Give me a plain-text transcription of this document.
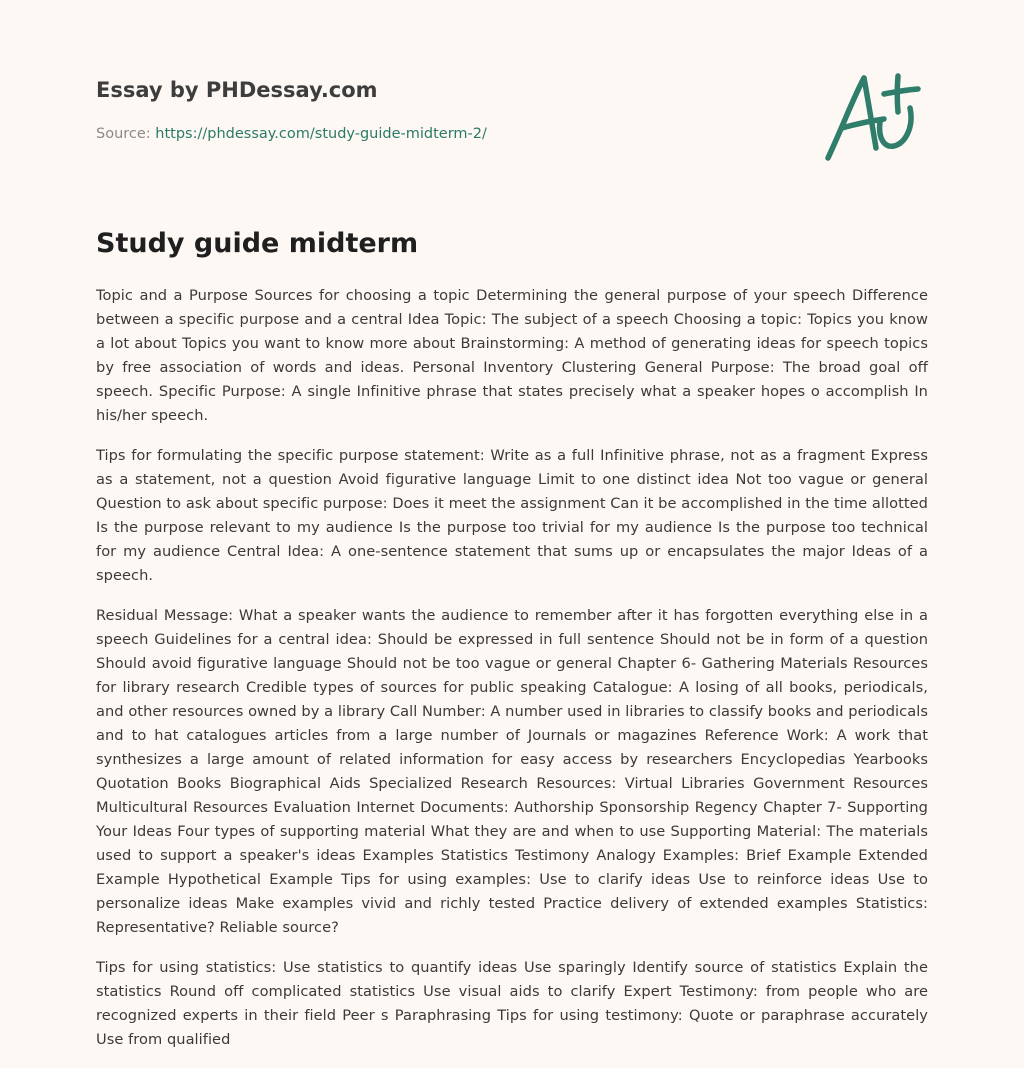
Essay by PHDessay.com
Source: https://phdessay.com/study-guide-midterm-2/
Study guide midterm

Topic and a Purpose Sources for choosing a topic Determining the general purpose of your speech Difference between a specific purpose and a central Idea Topic: The subject of a speech Choosing a topic: Topics you know a lot about Topics you want to know more about Brainstorming: A method of generating ideas for speech topics by free association of words and ideas. Personal Inventory Clustering General Purpose: The broad goal off speech. Specific Purpose: A single Infinitive phrase that states precisely what a speaker hopes o accomplish In his/her speech.

Tips for formulating the specific purpose statement: Write as a full Infinitive phrase, not as a fragment Express as a statement, not a question Avoid figurative language Limit to one distinct idea Not too vague or general Question to ask about specific purpose: Does it meet the assignment Can it be accomplished in the time allotted Is the purpose relevant to my audience Is the purpose too trivial for my audience Is the purpose too technical for my audience Central Idea: A one-sentence statement that sums up or encapsulates the major Ideas of a speech.

Residual Message: What a speaker wants the audience to remember after it has forgotten everything else in a speech Guidelines for a central idea: Should be expressed in full sentence Should not be in form of a question Should avoid figurative language Should not be too vague or general Chapter 6- Gathering Materials Resources for library research Credible types of sources for public speaking Catalogue: A losing of all books, periodicals, and other resources owned by a library Call Number: A number used in libraries to classify books and periodicals and to hat catalogues articles from a large number of Journals or magazines Reference Work: A work that synthesizes a large amount of related information for easy access by researchers Encyclopedias Yearbooks Quotation Books Biographical Aids Specialized Research Resources: Virtual Libraries Government Resources Multicultural Resources Evaluation Internet Documents: Authorship Sponsorship Regency Chapter 7- Supporting Your Ideas Four types of supporting material What they are and when to use Supporting Material: The materials used to support a speaker's ideas Examples Statistics Testimony Analogy Examples: Brief Example Extended Example Hypothetical Example Tips for using examples: Use to clarify ideas Use to reinforce ideas Use to personalize ideas Make examples vivid and richly tested Practice delivery of extended examples Statistics: Representative? Reliable source?

Tips for using statistics: Use statistics to quantify ideas Use sparingly Identify source of statistics Explain the statistics Round off complicated statistics Use visual aids to clarify Expert Testimony: from people who are recognized experts in their field Peer s Paraphrasing Tips for using testimony: Quote or paraphrase accurately Use from qualified
